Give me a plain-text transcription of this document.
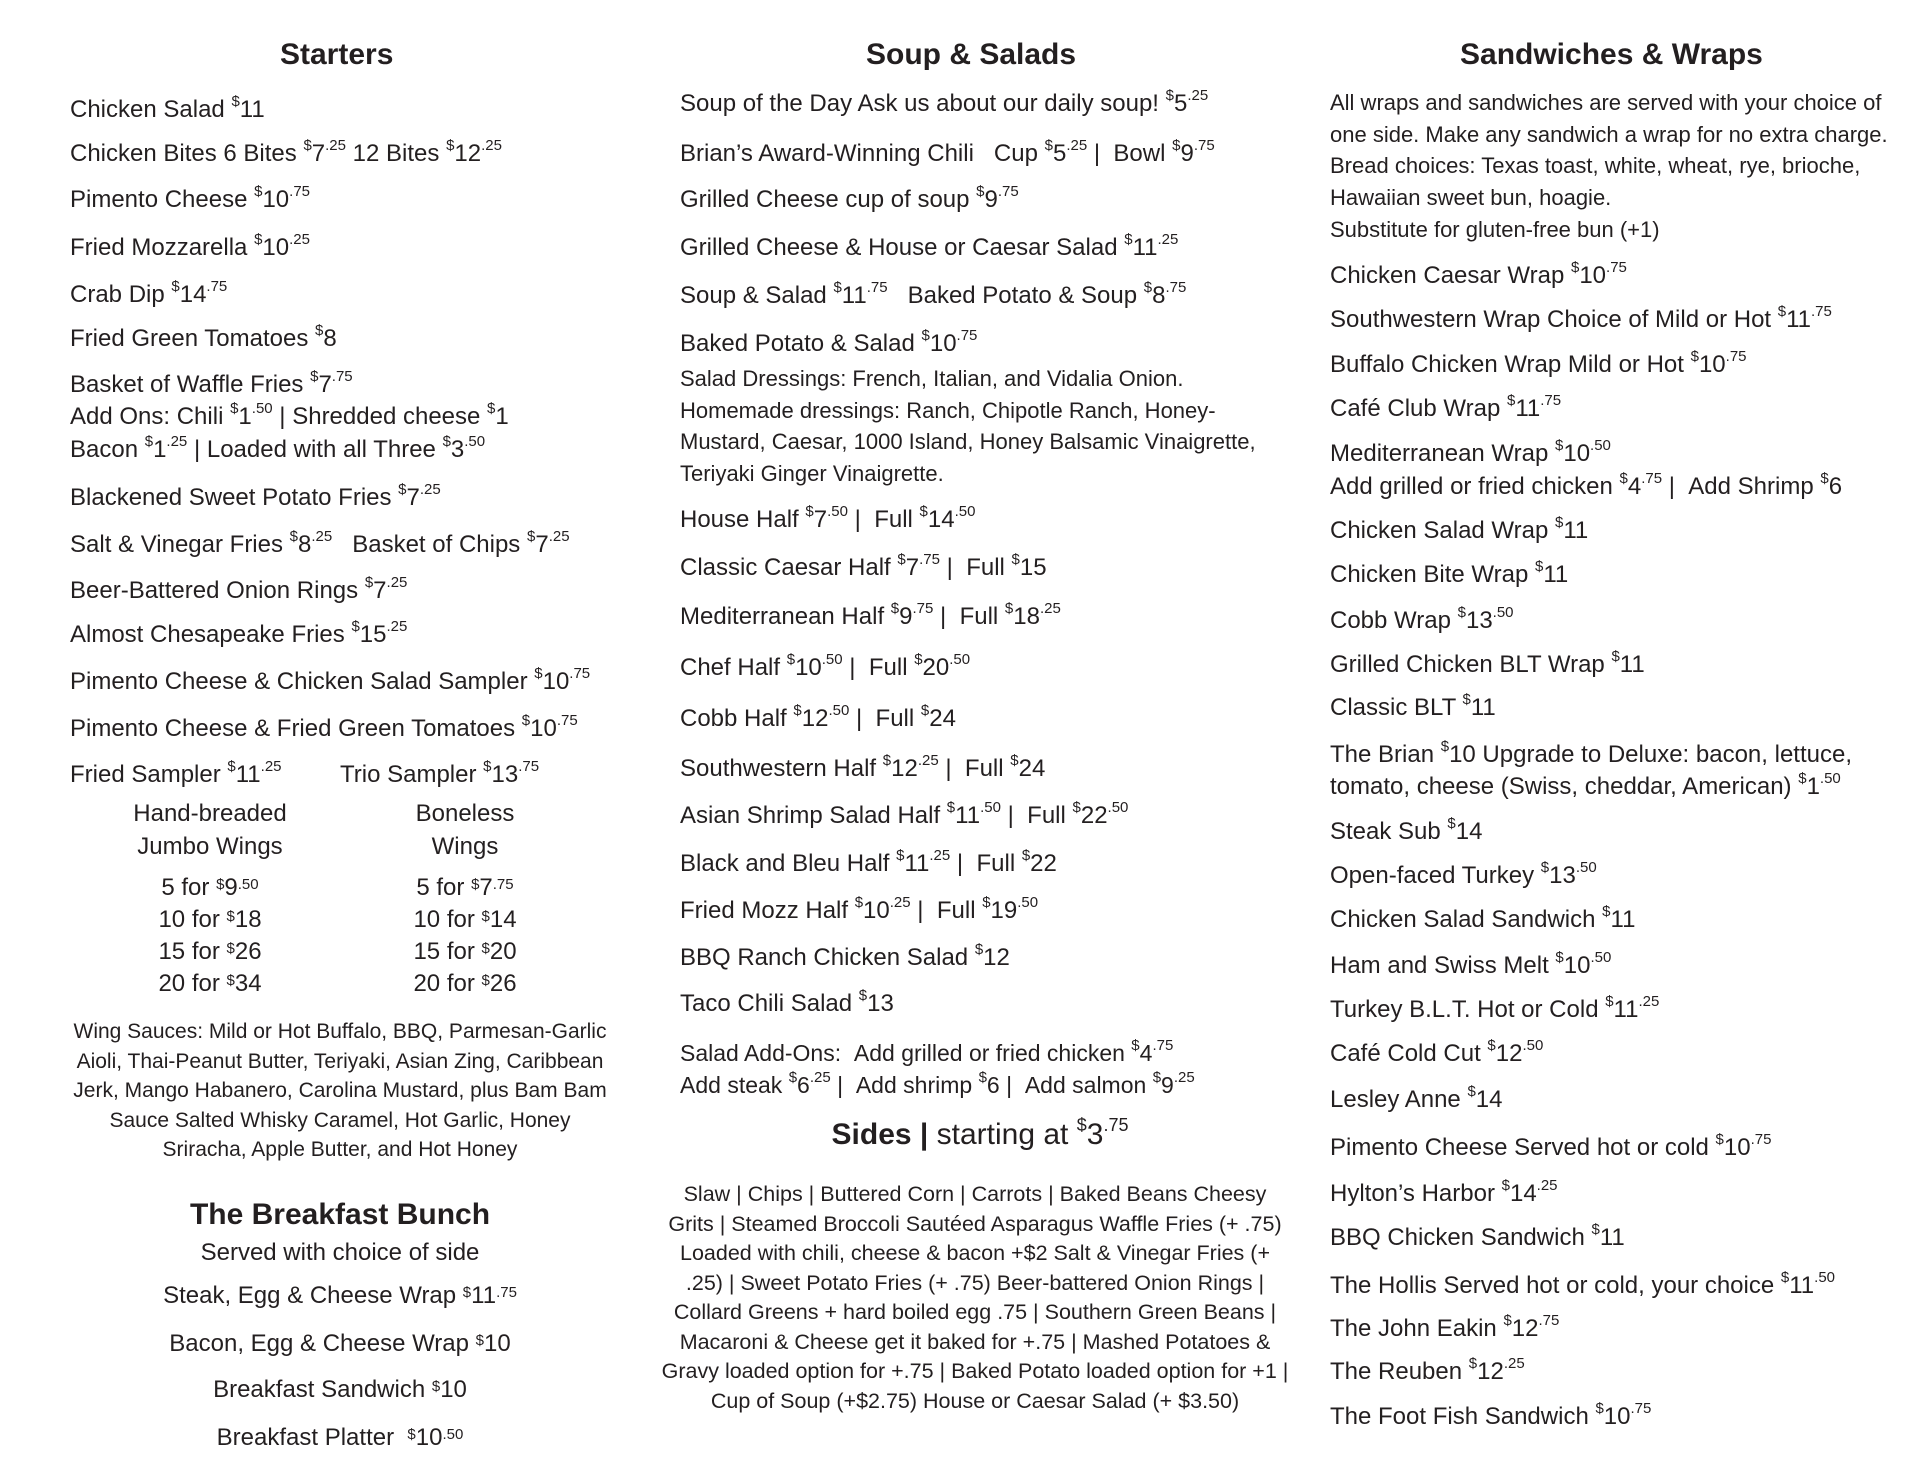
Starters
Chicken Salad $11
Chicken Bites 6 Bites $^{\$}7^{.25}$ 12 Bites $^{\$}12^{.25}$
Pimento Cheese $^{\$}10^{.75}$
Fried Mozzarella $^{\$}10^{.25}$
Crab Dip $^{\$}14^{.75}$
Fried Green Tomatoes $8
Basket of Waffle Fries $^{\$}7^{.75}$
Add Ons: Chili $^{\$}1^{.50}$ | Shredded cheese $1
Bacon $^{\$}1^{.25}$ | Loaded with all Three $^{\$}3^{.50}$
Blackened Sweet Potato Fries $^{\$}7^{.25}$
Salt & Vinegar Fries $^{\$}8^{.25}$   Basket of Chips $^{\$}7^{.25}$
Beer-Battered Onion Rings $^{\$}7^{.25}$
Almost Chesapeake Fries $^{\$}15^{.25}$
Pimento Cheese & Chicken Salad Sampler $^{\$}10^{.75}$
Pimento Cheese & Fried Green Tomatoes $^{\$}10^{.75}$
Fried Sampler $^{\$}11^{.25}$ Trio Sampler $^{\$}13^{.75}$
Hand-breaded Jumbo Wings
Boneless Wings
5 for $^{\$}9^{.50}$
10 for $18
15 for $26
20 for $34
5 for $^{\$}7^{.75}$
10 for $14
15 for $20
20 for $26
Wing Sauces: Mild or Hot Buffalo, BBQ, Parmesan-Garlic Aioli, Thai-Peanut Butter, Teriyaki, Asian Zing, Caribbean Jerk, Mango Habanero, Carolina Mustard, plus Bam Bam Sauce Salted Whisky Caramel, Hot Garlic, Honey Sriracha, Apple Butter, and Hot Honey
The Breakfast Bunch
Served with choice of side
Steak, Egg & Cheese Wrap $^{\$}11^{.75}$
Bacon, Egg & Cheese Wrap $10
Breakfast Sandwich $10
Breakfast Platter  $^{\$}10^{.50}$
Soup & Salads
Soup of the Day Ask us about our daily soup! $^{\$}5^{.25}$
Brian’s Award-Winning Chili   Cup $^{\$}5^{.25}$ |  Bowl $^{\$}9^{.75}$
Grilled Cheese cup of soup $^{\$}9^{.75}$
Grilled Cheese & House or Caesar Salad $^{\$}11^{.25}$
Soup & Salad $^{\$}11^{.75}$   Baked Potato & Soup $^{\$}8^{.75}$
Baked Potato & Salad $^{\$}10^{.75}$
Salad Dressings: French, Italian, and Vidalia Onion. Homemade dressings: Ranch, Chipotle Ranch, Honey-Mustard, Caesar, 1000 Island, Honey Balsamic Vinaigrette, Teriyaki Ginger Vinaigrette.
House Half $^{\$}7^{.50}$ |  Full $^{\$}14^{.50}$
Classic Caesar Half $^{\$}7^{.75}$ |  Full $15
Mediterranean Half $^{\$}9^{.75}$ |  Full $^{\$}18^{.25}$
Chef Half $^{\$}10^{.50}$ |  Full $^{\$}20^{.50}$
Cobb Half $^{\$}12^{.50}$ |  Full $24
Southwestern Half $^{\$}12^{.25}$ |  Full $24
Asian Shrimp Salad Half $^{\$}11^{.50}$ |  Full $^{\$}22^{.50}$
Black and Bleu Half $^{\$}11^{.25}$ |  Full $22
Fried Mozz Half $^{\$}10^{.25}$ |  Full $^{\$}19^{.50}$
BBQ Ranch Chicken Salad $12
Taco Chili Salad $13
Salad Add-Ons:  Add grilled or fried chicken $^{\$}4^{.75}$
Add steak $^{\$}6^{.25}$ |  Add shrimp $6 |  Add salmon $^{\$}9^{.25}$
Sides | starting at $^{\$}3^{.75}$
Slaw | Chips | Buttered Corn | Carrots | Baked Beans Cheesy Grits | Steamed Broccoli Sautéed Asparagus Waffle Fries (+ .75) Loaded with chili, cheese & bacon +$2 Salt & Vinegar Fries (+ .25) | Sweet Potato Fries (+ .75) Beer-battered Onion Rings | Collard Greens + hard boiled egg .75 | Southern Green Beans | Macaroni & Cheese get it baked for +.75 | Mashed Potatoes & Gravy loaded option for +.75 | Baked Potato loaded option for +1 | Cup of Soup (+$2.75) House or Caesar Salad (+ $3.50)
Sandwiches & Wraps
All wraps and sandwiches are served with your choice of one side. Make any sandwich a wrap for no extra charge. Bread choices: Texas toast, white, wheat, rye, brioche, Hawaiian sweet bun, hoagie.
Substitute for gluten-free bun (+1)
Chicken Caesar Wrap $^{\$}10^{.75}$
Southwestern Wrap Choice of Mild or Hot $^{\$}11^{.75}$
Buffalo Chicken Wrap Mild or Hot $^{\$}10^{.75}$
Café Club Wrap $^{\$}11^{.75}$
Mediterranean Wrap $^{\$}10^{.50}$
Add grilled or fried chicken $^{\$}4^{.75}$ |  Add Shrimp $6
Chicken Salad Wrap $11
Chicken Bite Wrap $11
Cobb Wrap $^{\$}13^{.50}$
Grilled Chicken BLT Wrap $11
Classic BLT $11
The Brian $10 Upgrade to Deluxe: bacon, lettuce,
tomato, cheese (Swiss, cheddar, American) $^{\$}1^{.50}$
Steak Sub $14
Open-faced Turkey $^{\$}13^{.50}$
Chicken Salad Sandwich $11
Ham and Swiss Melt $^{\$}10^{.50}$
Turkey B.L.T. Hot or Cold $^{\$}11^{.25}$
Café Cold Cut $^{\$}12^{.50}$
Lesley Anne $14
Pimento Cheese Served hot or cold $^{\$}10^{.75}$
Hylton’s Harbor $^{\$}14^{.25}$
BBQ Chicken Sandwich $11
The Hollis Served hot or cold, your choice $^{\$}11^{.50}$
The John Eakin $^{\$}12^{.75}$
The Reuben $^{\$}12^{.25}$
The Foot Fish Sandwich $^{\$}10^{.75}$
